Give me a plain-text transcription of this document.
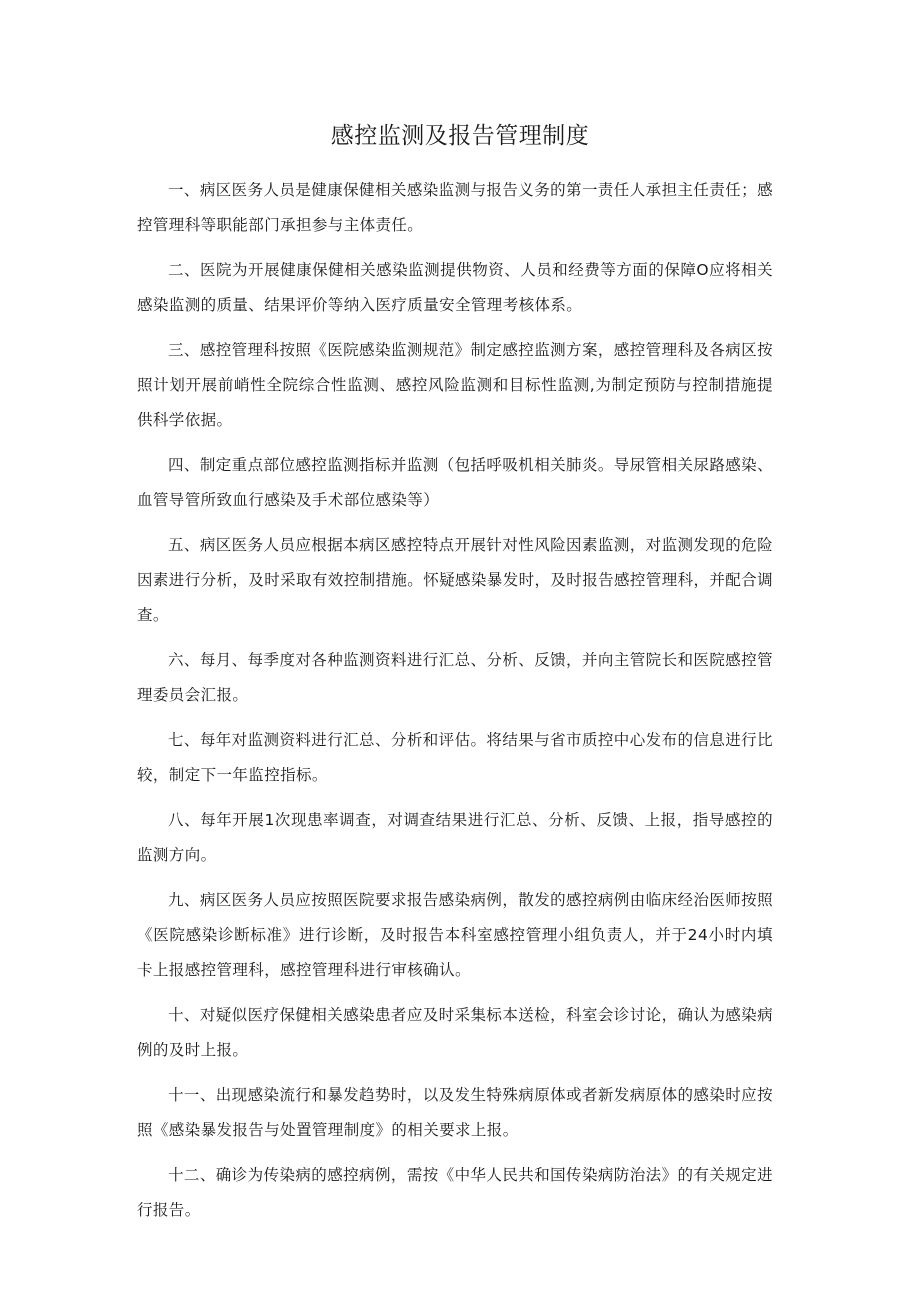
感控监测及报告管理制度

一、病区医务人员是健康保健相关感染监测与报告义务的第一责任人承担主任责任；感控管理科等职能部门承担参与主体责任。

二、医院为开展健康保健相关感染监测提供物资、人员和经费等方面的保障O应将相关感染监测的质量、结果评价等纳入医疗质量安全管理考核体系。

三、感控管理科按照《医院感染监测规范》制定感控监测方案，感控管理科及各病区按照计划开展前峭性全院综合性监测、感控风险监测和目标性监测,为制定预防与控制措施提供科学依据。

四、制定重点部位感控监测指标并监测（包括呼吸机相关肺炎。导尿管相关尿路感染、血管导管所致血行感染及手术部位感染等）

五、病区医务人员应根据本病区感控特点开展针对性风险因素监测，对监测发现的危险因素进行分析，及时采取有效控制措施。怀疑感染暴发时，及时报告感控管理科，并配合调查。

六、每月、每季度对各种监测资料进行汇总、分析、反馈，并向主管院长和医院感控管理委员会汇报。

七、每年对监测资料进行汇总、分析和评估。将结果与省市质控中心发布的信息进行比较，制定下一年监控指标。

八、每年开展1次现患率调查，对调查结果进行汇总、分析、反馈、上报，指导感控的监测方向。

九、病区医务人员应按照医院要求报告感染病例，散发的感控病例由临床经治医师按照《医院感染诊断标准》进行诊断，及时报告本科室感控管理小组负责人，并于24小时内填卡上报感控管理科，感控管理科进行审核确认。

十、对疑似医疗保健相关感染患者应及时采集标本送检，科室会诊讨论，确认为感染病例的及时上报。

十一、出现感染流行和暴发趋势时，以及发生特殊病原体或者新发病原体的感染时应按照《感染暴发报告与处置管理制度》的相关要求上报。

十二、确诊为传染病的感控病例，需按《中华人民共和国传染病防治法》的有关规定进行报告。
